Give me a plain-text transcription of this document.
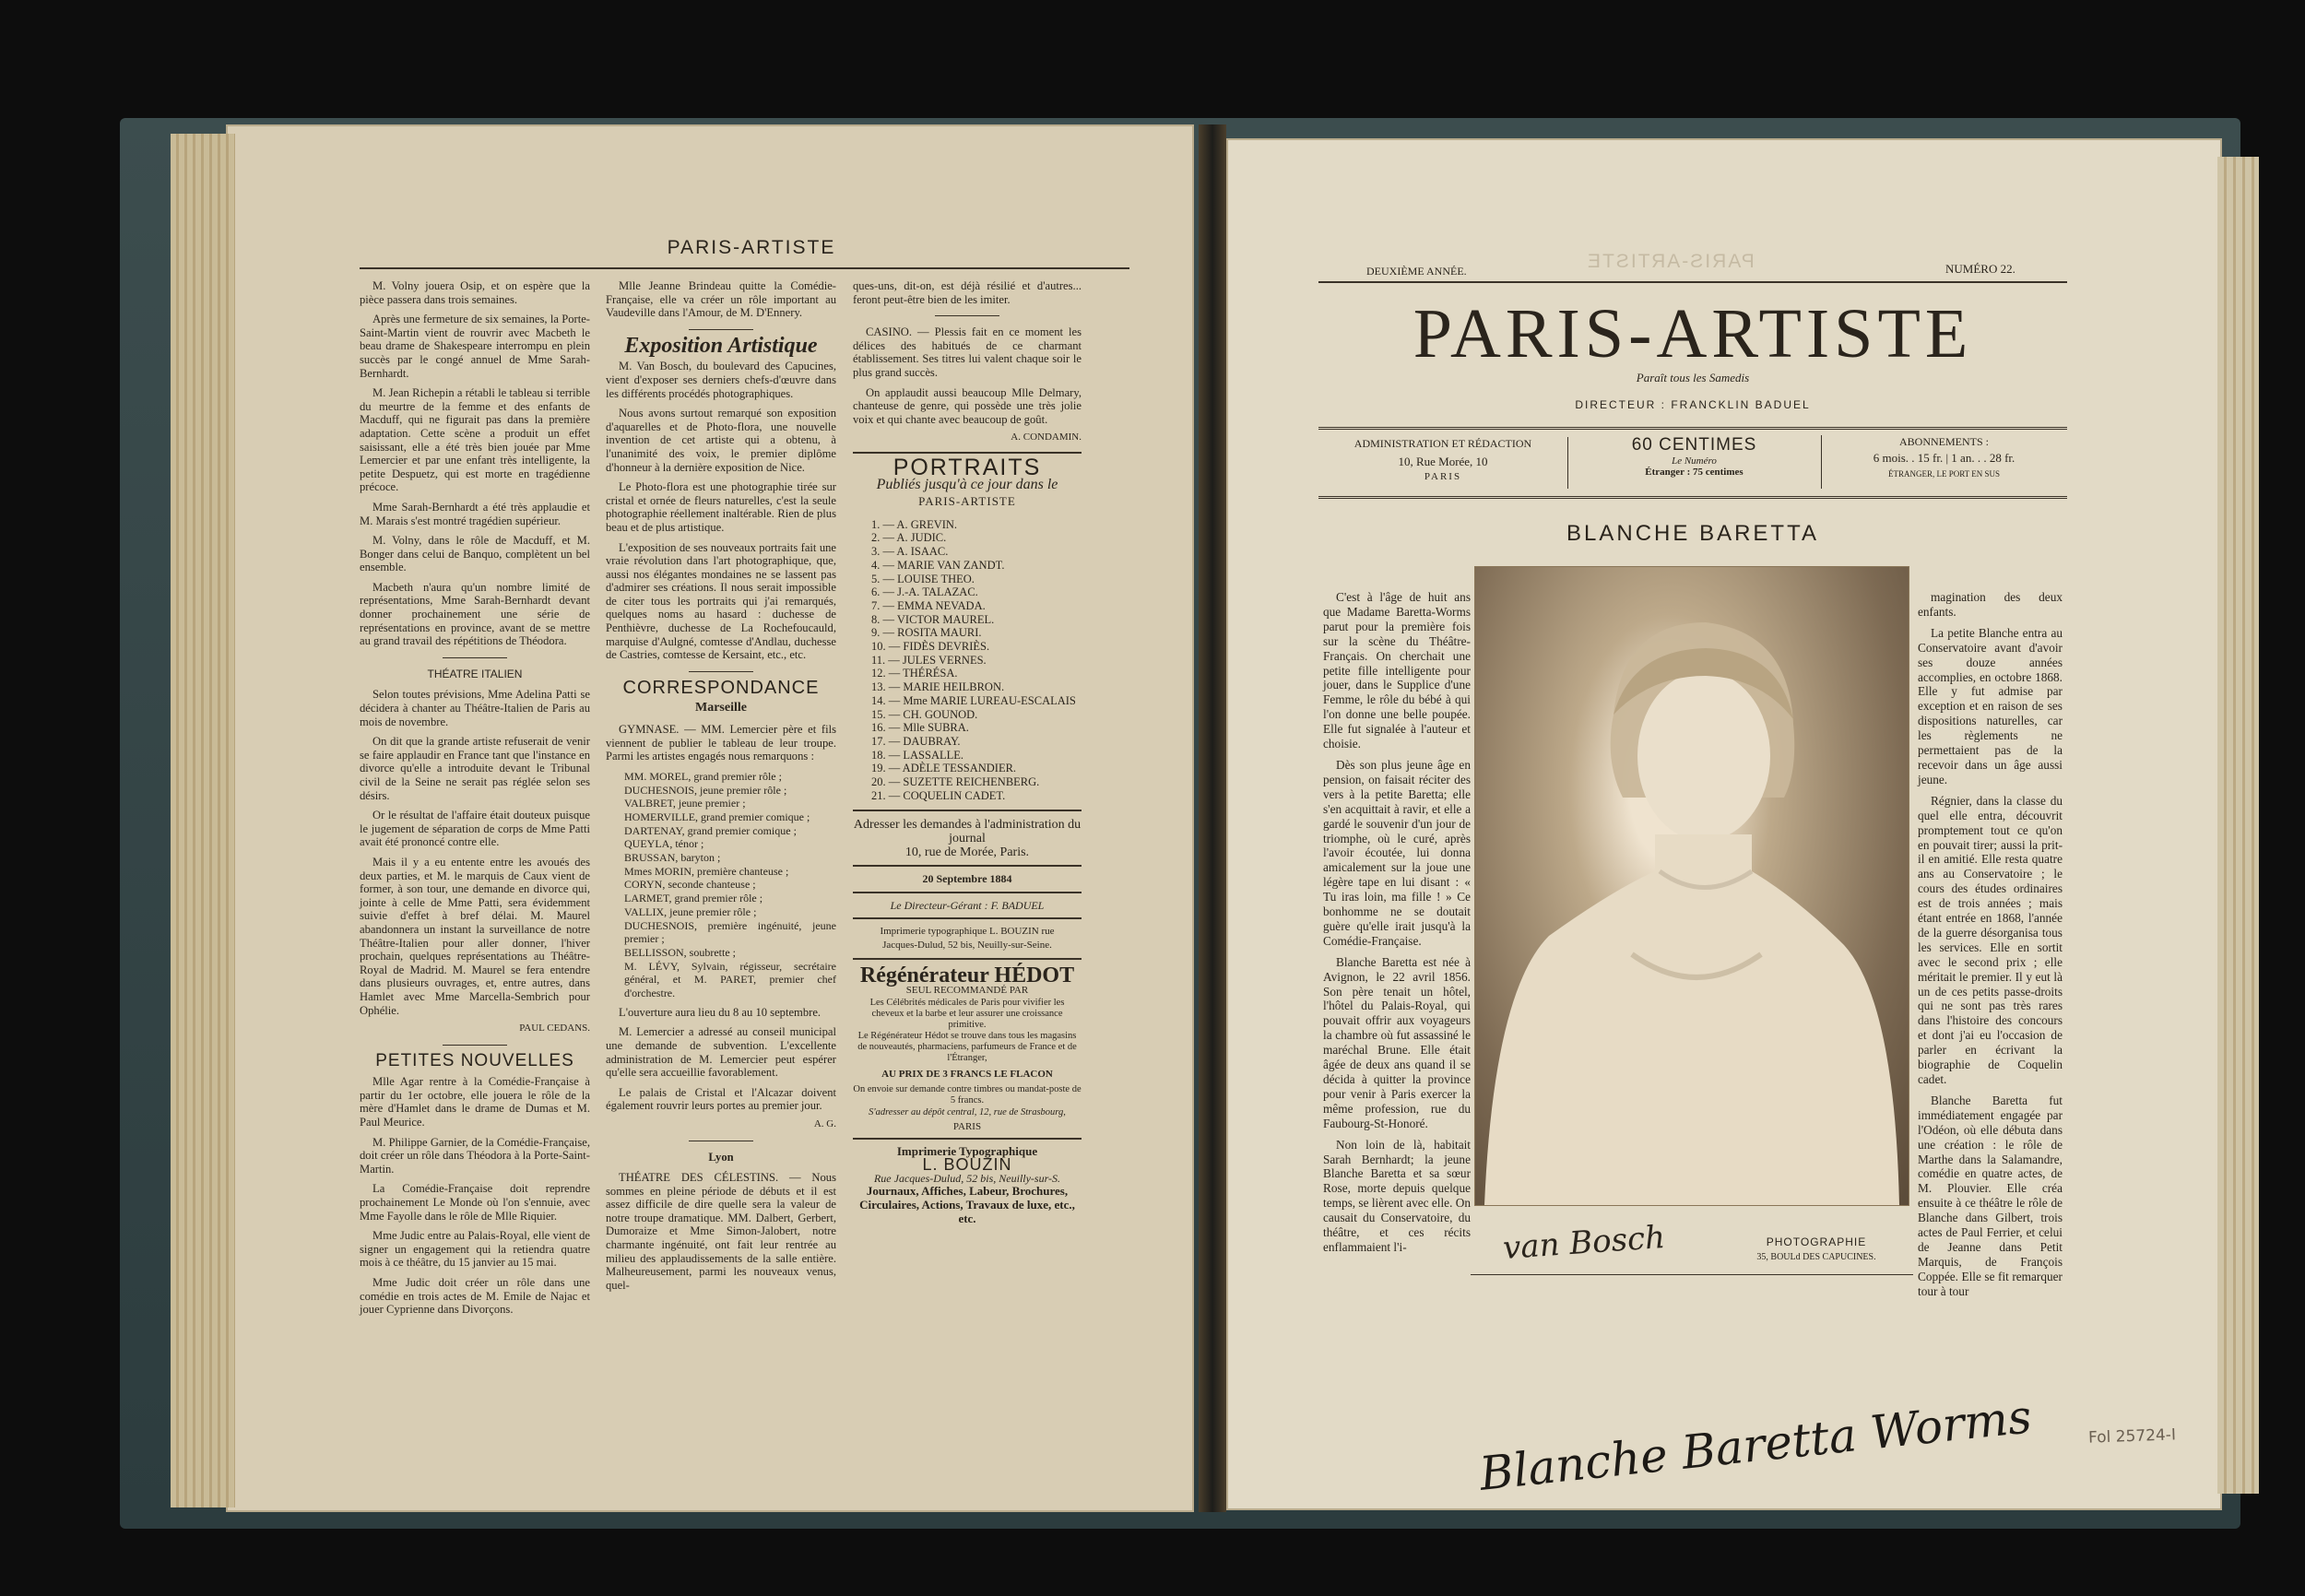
PARIS-ARTISTE

M. Volny jouera Osip, et on espère que la pièce passera dans trois semaines.

Après une fermeture de six semaines, la Porte-Saint-Martin vient de rouvrir avec Macbeth le beau drame de Shakespeare interrompu en plein succès par le congé annuel de Mme Sarah-Bernhardt.

M. Jean Richepin a rétabli le tableau si terrible du meurtre de la femme et des enfants de Macduff, qui ne figurait pas dans la première adaptation. Cette scène a produit un effet saisissant, elle a été très bien jouée par Mme Lemercier et par une enfant très intelligente, la petite Despuetz, qui est morte en tragédienne précoce.

Mme Sarah-Bernhardt a été très applaudie et M. Marais s'est montré tragédien supérieur.

M. Volny, dans le rôle de Macduff, et M. Bonger dans celui de Banquo, complètent un bel ensemble.

Macbeth n'aura qu'un nombre limité de représentations, Mme Sarah-Bernhardt devant donner prochainement une série de représentations en province, avant de se mettre au grand travail des répétitions de Théodora.

THÉATRE ITALIEN

Selon toutes prévisions, Mme Adelina Patti se décidera à chanter au Théâtre-Italien de Paris au mois de novembre.

On dit que la grande artiste refuserait de venir se faire applaudir en France tant que l'instance en divorce qu'elle a introduite devant le Tribunal civil de la Seine ne serait pas réglée selon ses désirs.

Or le résultat de l'affaire était douteux puisque le jugement de séparation de corps de Mme Patti avait été prononcé contre elle.

Mais il y a eu entente entre les avoués des deux parties, et M. le marquis de Caux vient de former, à son tour, une demande en divorce qui, jointe à celle de Mme Patti, sera évidemment suivie d'effet à bref délai. M. Maurel abandonnera un instant la surveillance de notre Théâtre-Italien pour aller donner, l'hiver prochain, quelques représentations au Théâtre-Royal de Madrid. M. Maurel se fera entendre dans plusieurs ouvrages, et, entre autres, dans Hamlet avec Mme Marcella-Sembrich pour Ophélie.

PAUL CEDANS.
PETITES NOUVELLES

Mlle Agar rentre à la Comédie-Française à partir du 1er octobre, elle jouera le rôle de la mère d'Hamlet dans le drame de Dumas et M. Paul Meurice.

M. Philippe Garnier, de la Comédie-Française, doit créer un rôle dans Théodora à la Porte-Saint-Martin.

La Comédie-Française doit reprendre prochainement Le Monde où l'on s'ennuie, avec Mme Fayolle dans le rôle de Mlle Riquier.

Mme Judic entre au Palais-Royal, elle vient de signer un engagement qui la retiendra quatre mois à ce théâtre, du 15 janvier au 15 mai.

Mme Judic doit créer un rôle dans une comédie en trois actes de M. Emile de Najac et jouer Cyprienne dans Divorçons.

Mlle Jeanne Brindeau quitte la Comédie-Française, elle va créer un rôle important au Vaudeville dans l'Amour, de M. D'Ennery.

Exposition Artistique

M. Van Bosch, du boulevard des Capucines, vient d'exposer ses derniers chefs-d'œuvre dans les différents procédés photographiques.

Nous avons surtout remarqué son exposition d'aquarelles et de Photo-flora, une nouvelle invention de cet artiste qui a obtenu, à l'unanimité des voix, le premier diplôme d'honneur à la dernière exposition de Nice.

Le Photo-flora est une photographie tirée sur cristal et ornée de fleurs naturelles, c'est la seule photographie réellement inaltérable. Rien de plus beau et de plus artistique.

L'exposition de ses nouveaux portraits fait une vraie révolution dans l'art photographique, que, aussi nos élégantes mondaines ne se lassent pas d'admirer ses créations. Il nous serait impossible de citer tous les portraits qui j'ai remarqués, quelques noms au hasard : duchesse de Penthièvre, duchesse de La Rochefoucauld, marquise d'Aulgné, comtesse d'Andlau, duchesse de Castries, comtesse de Kersaint, etc., etc.

CORRESPONDANCE
Marseille

GYMNASE. — MM. Lemercier père et fils viennent de publier le tableau de leur troupe. Parmi les artistes engagés nous remarquons :

MM. MOREL, grand premier rôle ;
DUCHESNOIS, jeune premier rôle ;
VALBRET, jeune premier ;
HOMERVILLE, grand premier comique ;
DARTENAY, grand premier comique ;
QUEYLA, ténor ;
BRUSSAN, baryton ;
Mmes MORIN, première chanteuse ;
CORYN, seconde chanteuse ;
LARMET, grand premier rôle ;
VALLIX, jeune premier rôle ;
DUCHESNOIS, première ingénuité, jeune premier ;
BELLISSON, soubrette ;
M. LÉVY, Sylvain, régisseur, secrétaire général, et M. PARET, premier chef d'orchestre.

L'ouverture aura lieu du 8 au 10 septembre.

M. Lemercier a adressé au conseil municipal une demande de subvention. L'excellente administration de M. Lemercier peut espérer qu'elle sera accueillie favorablement.

Le palais de Cristal et l'Alcazar doivent également rouvrir leurs portes au premier jour.

A. G.
Lyon

THÉATRE DES CÉLESTINS. — Nous sommes en pleine période de débuts et il est assez difficile de dire quelle sera la valeur de notre troupe dramatique. MM. Dalbert, Gerbert, Dumoraize et Mme Simon-Jalobert, notre charmante ingénuité, ont fait leur rentrée au milieu des applaudissements de la salle entière. Malheureusement, parmi les nouveaux venus, quel-

ques-uns, dit-on, est déjà résilié et d'autres... feront peut-être bien de les imiter.

CASINO. — Plessis fait en ce moment les délices des habitués de ce charmant établissement. Ses titres lui valent chaque soir le plus grand succès.

On applaudit aussi beaucoup Mlle Delmary, chanteuse de genre, qui possède une très jolie voix et qui chante avec beaucoup de goût.

A. CONDAMIN.
PORTRAITS
Publiés jusqu'à ce jour dans le
PARIS-ARTISTE
1. — A. GREVIN.
2. — A. JUDIC.
3. — A. ISAAC.
4. — MARIE VAN ZANDT.
5. — LOUISE THEO.
6. — J.-A. TALAZAC.
7. — EMMA NEVADA.
8. — VICTOR MAUREL.
9. — ROSITA MAURI.
10. — FIDÈS DEVRIÈS.
11. — JULES VERNES.
12. — THÉRÉSA.
13. — MARIE HEILBRON.
14. — Mme MARIE LUREAU-ESCALAIS
15. — CH. GOUNOD.
16. — Mlle SUBRA.
17. — DAUBRAY.
18. — LASSALLE.
19. — ADÈLE TESSANDIER.
20. — SUZETTE REICHENBERG.
21. — COQUELIN CADET.
Adresser les demandes à l'administration du journal
10, rue de Morée, Paris.
20 Septembre 1884
Le Directeur-Gérant : F. BADUEL
Imprimerie typographique L. BOUZIN rue Jacques-Dulud, 52 bis, Neuilly-sur-Seine.
Régénérateur HÉDOT
SEUL RECOMMANDÉ PAR
Les Célébrités médicales de Paris pour vivifier les cheveux et la barbe et leur assurer une croissance primitive.
Le Régénérateur Hédot se trouve dans tous les magasins de nouveautés, pharmaciens, parfumeurs de France et de l'Étranger,
AU PRIX DE 3 FRANCS LE FLACON
On envoie sur demande contre timbres ou mandat-poste de 5 francs.
S'adresser au dépôt central, 12, rue de Strasbourg,
PARIS
Imprimerie Typographique
L. BOUZIN
Rue Jacques-Dulud, 52 bis, Neuilly-sur-S.
Journaux, Affiches, Labeur, Brochures, Circulaires, Actions, Travaux de luxe, etc., etc.
PARIS-ARTISTE
DEUXIÈME ANNÉE.	NUMÉRO 22.
PARIS-ARTISTE
Paraît tous les Samedis
DIRECTEUR : FRANCKLIN BADUEL
ADMINISTRATION ET RÉDACTION
10, Rue Morée, 10
PARIS
60 CENTIMES
Le Numéro
Étranger : 75 centimes
ABONNEMENTS :
6 mois. . 15 fr. | 1 an. . . 28 fr.
ÉTRANGER, LE PORT EN SUS
BLANCHE BARETTA

C'est à l'âge de huit ans que Madame Baretta-Worms parut pour la première fois sur la scène du Théâtre-Français. On cherchait une petite fille intelligente pour jouer, dans le Supplice d'une Femme, le rôle du bébé à qui l'on donne une belle poupée. Elle fut signalée à l'auteur et choisie.

Dès son plus jeune âge en pension, on faisait réciter des vers à la petite Baretta; elle s'en acquittait à ravir, et elle a gardé le souvenir d'un jour de triomphe, où le curé, après l'avoir écoutée, lui donna amicalement sur la joue une légère tape en lui disant : « Tu iras loin, ma fille ! » Ce bonhomme ne se doutait guère qu'elle irait jusqu'à la Comédie-Française.

Blanche Baretta est née à Avignon, le 22 avril 1856. Son père tenait un hôtel, l'hôtel du Palais-Royal, qui pouvait offrir aux voyageurs la chambre où fut assassiné le maréchal Brune. Elle était âgée de deux ans quand il se décida à quitter la province pour venir à Paris exercer la même profession, rue du Faubourg-St-Honoré.

Non loin de là, habitait Sarah Bernhardt; la jeune Blanche Baretta et sa sœur Rose, morte depuis quelque temps, se lièrent avec elle. On causait du Conservatoire, du théâtre, et ces récits enflammaient l'i-	van Bosch	PHOTOGRAPHIE
35, BOULd DES CAPUCINES.
Blanche Baretta Worms

magination des deux enfants.

La petite Blanche entra au Conservatoire avant d'avoir ses douze années accomplies, en octobre 1868. Elle y fut admise par exception et en raison de ses dispositions naturelles, car les règlements ne permettaient pas de la recevoir dans un âge aussi jeune.

Régnier, dans la classe du quel elle entra, découvrit promptement tout ce qu'on en pouvait tirer; aussi la prit-il en amitié. Elle resta quatre ans au Conservatoire ; le cours des études ordinaires est de trois années ; mais étant entrée en 1868, l'année de la guerre désorganisa tous les services. Elle en sortit avec le second prix ; elle méritait le premier. Il y eut là un de ces petits passe-droits qui ne sont pas très rares dans l'histoire des concours et dont j'ai eu l'occasion de parler en écrivant la biographie de Coquelin cadet.

Blanche Baretta fut immédiatement engagée par l'Odéon, où elle débuta dans une création : le rôle de Marthe dans la Salamandre, comédie en quatre actes, de M. Plouvier. Elle créa ensuite à ce théâtre le rôle de Blanche dans Gilbert, trois actes de Paul Ferrier, et celui de Jeanne dans Petit Marquis, de François Coppée. Elle se fit remarquer tour à tour

Fol 25724-I
